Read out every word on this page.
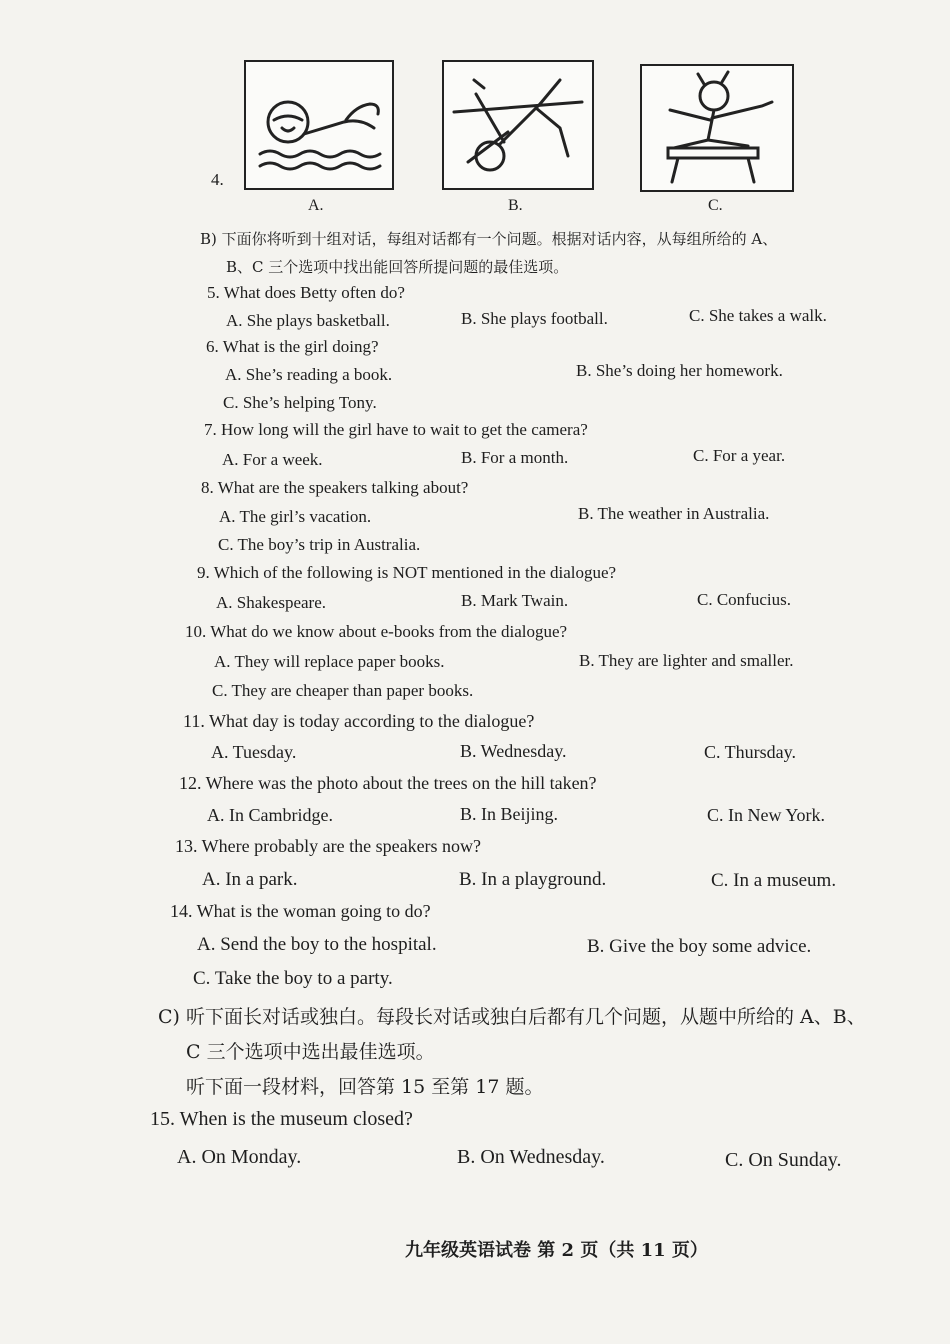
4.
A.	B.	C.
B) 下面你将听到十组对话，每组对话都有一个问题。根据对话内容，从每组所给的 A、
B、C 三个选项中找出能回答所提问题的最佳选项。
5. What does Betty often do?
A. She plays basketball.	B. She plays football.	C. She takes a walk.
6. What is the girl doing?
A. She’s reading a book.	B. She’s doing her homework.
C. She’s helping Tony.
7. How long will the girl have to wait to get the camera?
A. For a week.	B. For a month.	C. For a year.
8. What are the speakers talking about?
A. The girl’s vacation.	B. The weather in Australia.
C. The boy’s trip in Australia.
9. Which of the following is NOT mentioned in the dialogue?
A. Shakespeare.	B. Mark Twain.	C. Confucius.
10. What do we know about e-books from the dialogue?
A. They will replace paper books.	B. They are lighter and smaller.
C. They are cheaper than paper books.
11. What day is today according to the dialogue?
A. Tuesday.	B. Wednesday.	C. Thursday.
12. Where was the photo about the trees on the hill taken?
A. In Cambridge.	B. In Beijing.	C. In New York.
13. Where probably are the speakers now?
A. In a park.	B. In a playground.	C. In a museum.
14. What is the woman going to do?
A. Send the boy to the hospital.	B. Give the boy some advice.
C. Take the boy to a party.
C) 听下面长对话或独白。每段长对话或独白后都有几个问题，从题中所给的 A、B、
C 三个选项中选出最佳选项。
听下面一段材料，回答第 15 至第 17 题。
15. When is the museum closed?
A. On Monday.	B. On Wednesday.	C. On Sunday.
九年级英语试卷 第 2 页（共 11 页）
